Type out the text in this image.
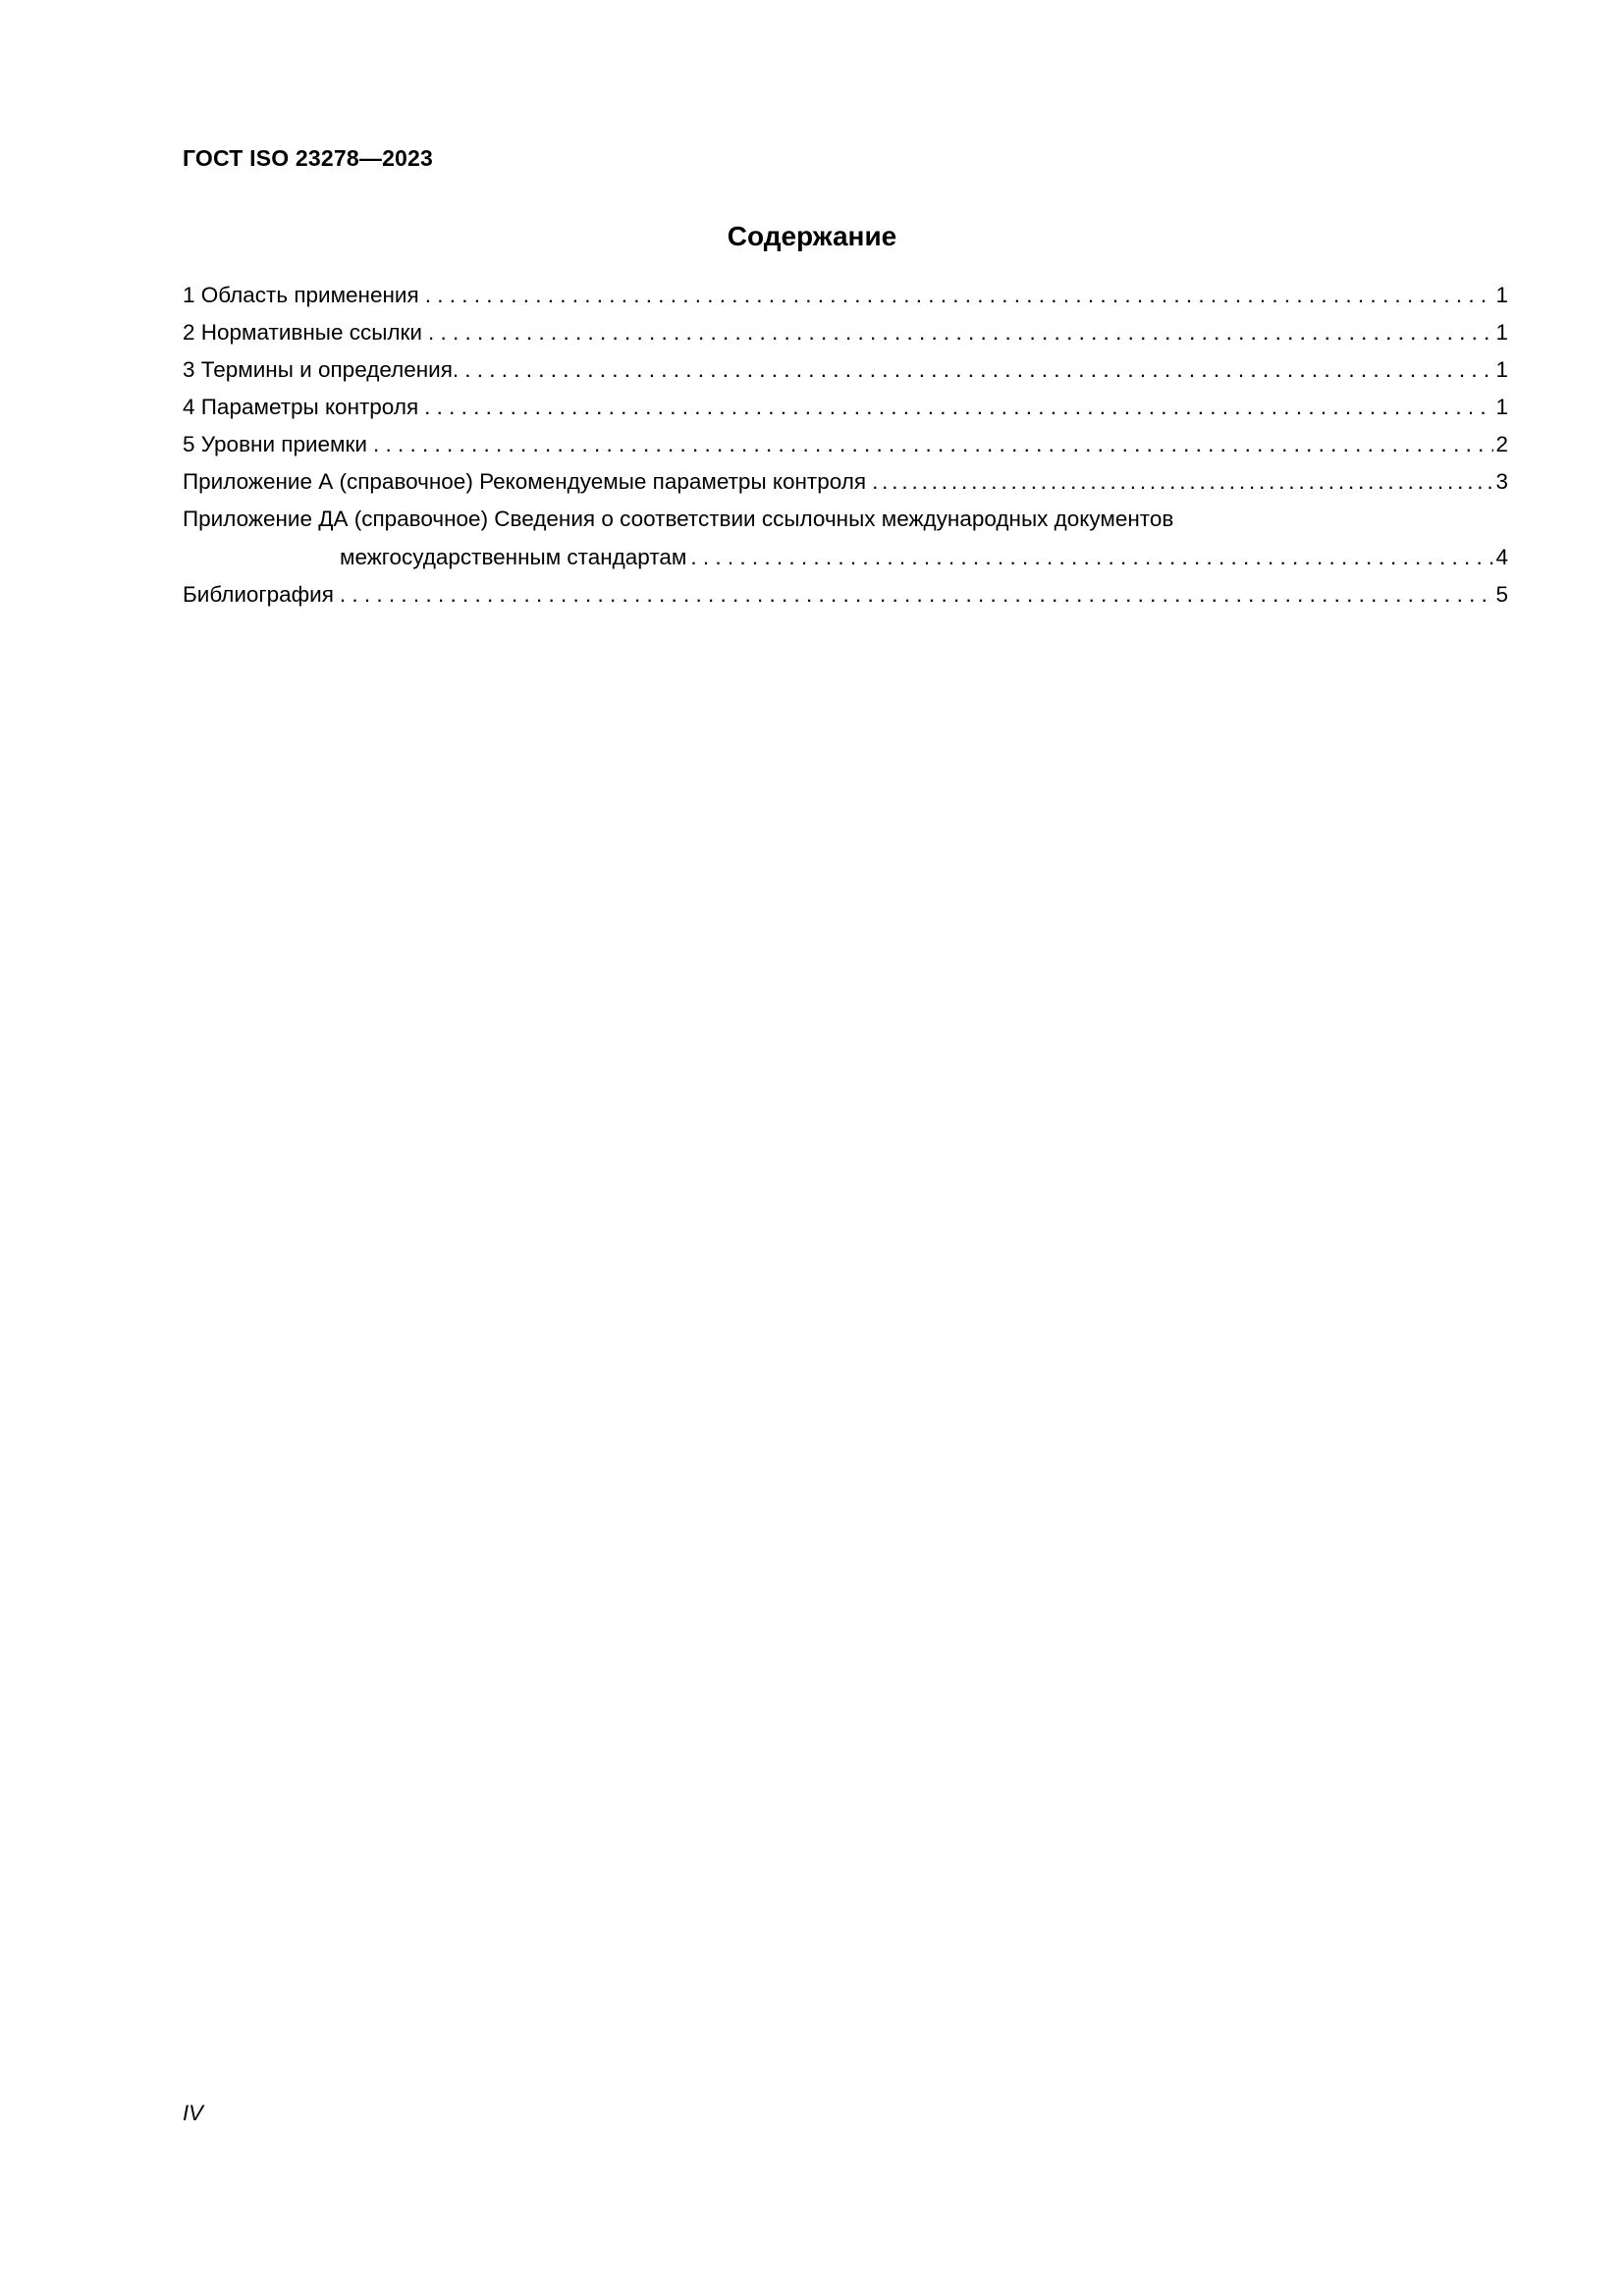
ГОСТ ISO 23278—2023
Содержание
1 Область применения . . .	1
2 Нормативные ссылки . . .	1
3 Термины и определения. . . .	1
4 Параметры контроля . . .	1
5 Уровни приемки . . .	2
Приложение А (справочное) Рекомендуемые параметры контроля . . .	3
Приложение ДА (справочное) Сведения о соответствии ссылочных международных документов
межгосударственным стандартам . . .	4
Библиография . . .	5
IV
